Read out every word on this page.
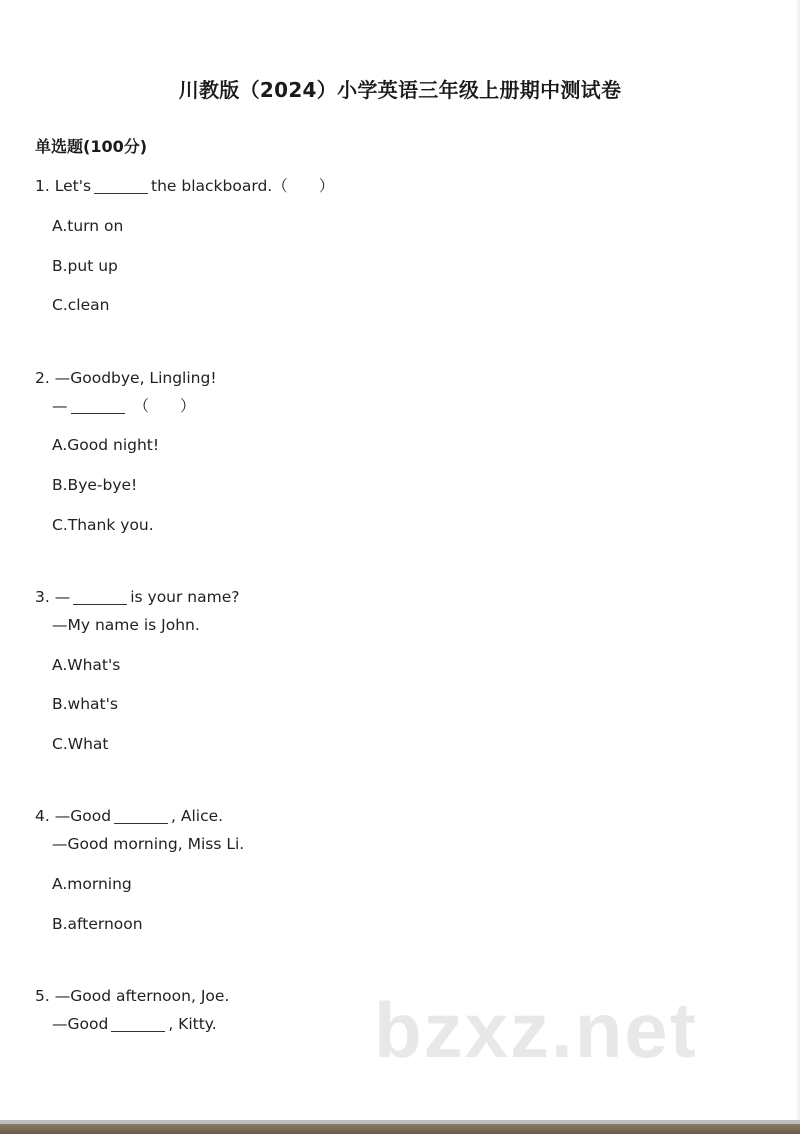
川教版（2024）小学英语三年级上册期中测试卷
单选题(100分)
1. Let's	the blackboard.（　　）
A.turn on
B.put up
C.clean
2. —Goodbye, Lingling!
—	（　　）
A.Good night!
B.Bye-bye!
C.Thank you.
3. —	is your name?
—My name is John.
A.What's
B.what's
C.What
4. —Good	, Alice.
—Good morning, Miss Li.
A.morning
B.afternoon
5. —Good afternoon, Joe.
—Good	, Kitty. bzxz.net
